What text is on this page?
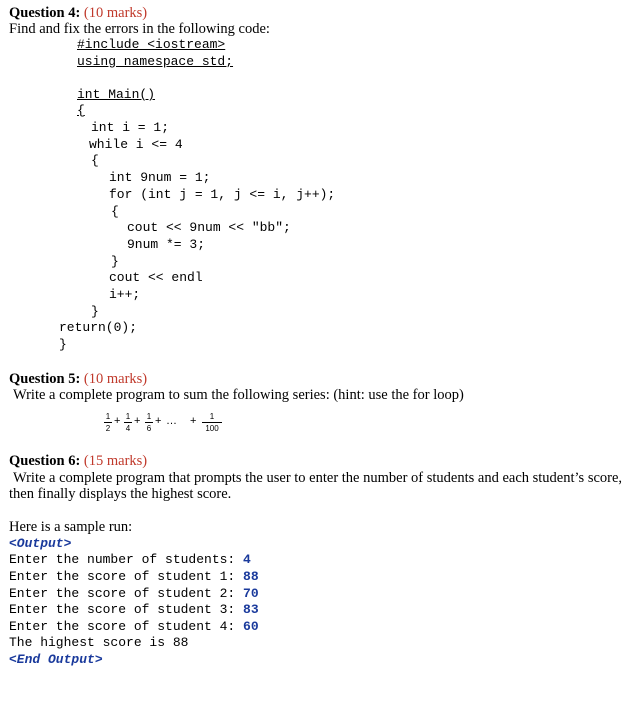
Question 4: (10 marks)
Find and fix the errors in the following code:
#include <iostream>
using namespace std;
int Main()
{
int i = 1;
while i <= 4
{
int 9num = 1;
for (int j = 1, j <= i, j++);
{
cout << 9num << "bb";
9num *= 3;
}
cout << endl
i++;
}
return(0);
}
Question 5: (10 marks)
Write a complete program to sum the following series: (hint: use the for loop)
1
2
+ 1
4
+ 1
6
+ … +	1
100
Question 6: (15 marks)
Write a complete program that prompts the user to enter the number of students and each student’s score,
then finally displays the highest score.
Here is a sample run:
<Output>
Enter the number of students: 4
Enter the score of student 1: 88
Enter the score of student 2: 70
Enter the score of student 3: 83
Enter the score of student 4: 60
The highest score is 88
<End Output>
